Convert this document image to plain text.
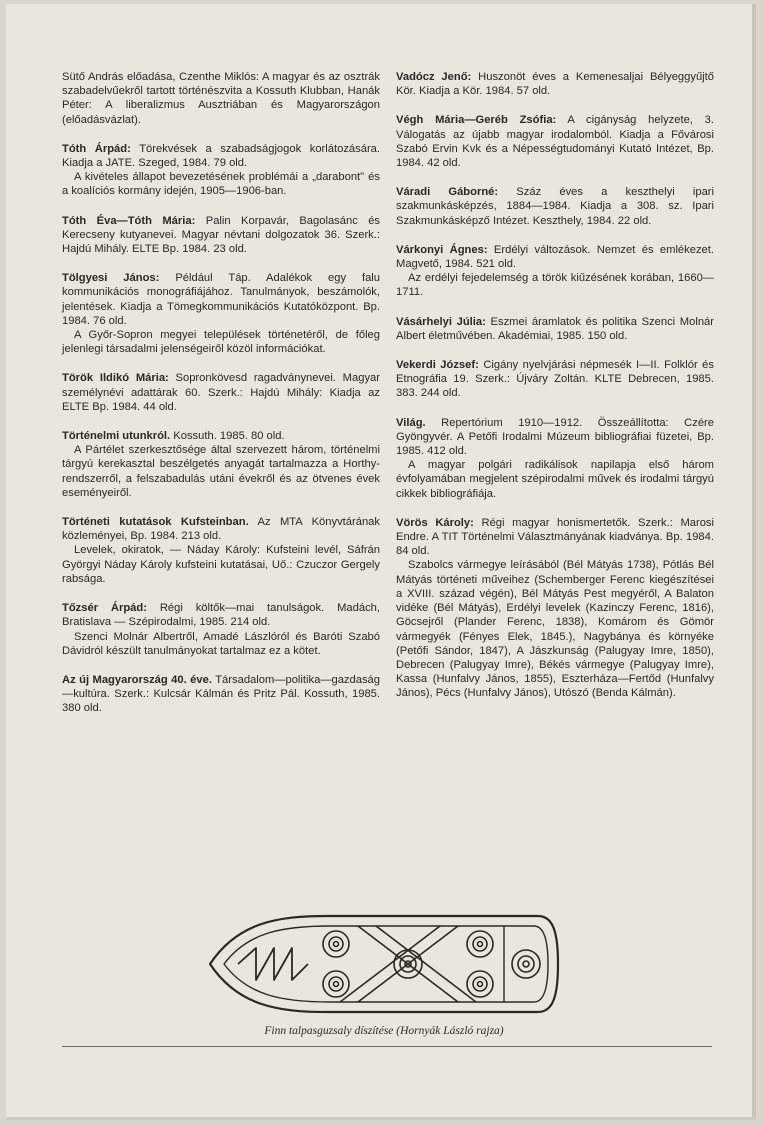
Sütő András előadása, Czenthe Miklós: A magyar és az osztrák szabadelvűekről tartott történészvita a Kossuth Klubban, Hanák Péter: A liberalizmus Ausztriában és Magyarországon (előadásvázlat).

Tóth Árpád: Törekvések a szabadságjogok korlátozására. Kiadja a JATE. Szeged, 1984. 79 old.

A kivételes állapot bevezetésének problémái a „darabont" és a koalíciós kormány idején, 1905—1906-ban.

Tóth Éva—Tóth Mária: Palin Korpavár, Bagolasánc és Kerecseny kutyanevei. Magyar névtani dolgozatok 36. Szerk.: Hajdú Mihály. ELTE Bp. 1984. 23 old.

Tölgyesi János: Például Táp. Adalékok egy falu kommunikációs monográfiájához. Tanulmányok, beszámolók, jelentések. Kiadja a Tömegkommunikációs Kutatóközpont. Bp. 1984. 76 old.

A Győr-Sopron megyei települések történetéről, de főleg jelenlegi társadalmi jelenségeiről közöl információkat.

Török Ildikó Mária: Sopronkövesd ragadványnevei. Magyar személynévi adattárak 60. Szerk.: Hajdú Mihály: Kiadja az ELTE Bp. 1984. 44 old.

Történelmi utunkról. Kossuth. 1985. 80 old.

A Pártélet szerkesztősége által szervezett három, történelmi tárgyú kerekasztal beszélgetés anyagát tartalmazza a Horthy-rendszerről, a felszabadulás utáni évekről és az ötvenes évek eseményeiről.

Történeti kutatások Kufsteinban. Az MTA Könyvtárának közleményei, Bp. 1984. 213 old.

Levelek, okiratok, — Náday Károly: Kufsteini levél, Sáfrán Györgyi Náday Károly kufsteini kutatásai, Uő.: Czuczor Gergely rabsága.

Tőzsér Árpád: Régi költők—mai tanulságok. Madách, Bratislava — Szépirodalmi, 1985. 214 old.

Szenci Molnár Albertről, Amadé Lászlóról és Baróti Szabó Dávidról készült tanulmányokat tartalmaz ez a kötet.

Az új Magyarország 40. éve. Társadalom—politika—gazdaság—kultúra. Szerk.: Kulcsár Kálmán és Pritz Pál. Kossuth, 1985. 380 old.

Vadócz Jenő: Huszonöt éves a Kemenesaljai Bélyeggyűjtő Kör. Kiadja a Kör. 1984. 57 old.

Végh Mária—Geréb Zsófia: A cigányság helyzete, 3. Válogatás az újabb magyar irodalomból. Kiadja a Fővárosi Szabó Ervin Kvk és a Népességtudományi Kutató Intézet, Bp. 1984. 42 old.

Váradi Gáborné: Száz éves a keszthelyi ipari szakmunkásképzés, 1884—1984. Kiadja a 308. sz. Ipari Szakmunkásképző Intézet. Keszthely, 1984. 22 old.

Várkonyi Ágnes: Erdélyi változások. Nemzet és emlékezet. Magvető, 1984. 521 old.

Az erdélyi fejedelemség a török kiűzésének korában, 1660—1711.

Vásárhelyi Júlia: Eszmei áramlatok és politika Szenci Molnár Albert életművében. Akadémiai, 1985. 150 old.

Vekerdi József: Cigány nyelvjárási népmesék I—II. Folklór és Etnográfia 19. Szerk.: Újváry Zoltán. KLTE Debrecen, 1985. 383. 244 old.

Világ. Repertórium 1910—1912. Összeállította: Czére Gyöngyvér. A Petőfi Irodalmi Múzeum bibliográfiai füzetei, Bp. 1985. 412 old.

A magyar polgári radikálisok napilapja első három évfolyamában megjelent szépirodalmi művek és irodalmi tárgyú cikkek bibliográfiája.

Vörös Károly: Régi magyar honismertetők. Szerk.: Marosi Endre. A TIT Történelmi Választmányának kiadványa. Bp. 1984. 84 old.

Szabolcs vármegye leírásából (Bél Mátyás 1738), Pótlás Bél Mátyás történeti műveihez (Schemberger Ferenc kiegészítései a XVIII. század végén), Bél Mátyás Pest megyéről, A Balaton vidéke (Bél Mátyás), Erdélyi levelek (Kazinczy Ferenc, 1816), Göcsejről (Plander Ferenc, 1838), Komárom és Gömör vármegyék (Fényes Elek, 1845.), Nagybánya és környéke (Petőfi Sándor, 1847), A Jászkunság (Palugyay Imre, 1850), Debrecen (Palugyay Imre), Békés vármegye (Palugyay Imre), Kassa (Hunfalvy János, 1855), Eszterháza—Fertőd (Hunfalvy János), Pécs (Hunfalvy János), Utószó (Benda Kálmán).

Finn talpasguzsaly díszítése (Hornyák László rajza)
